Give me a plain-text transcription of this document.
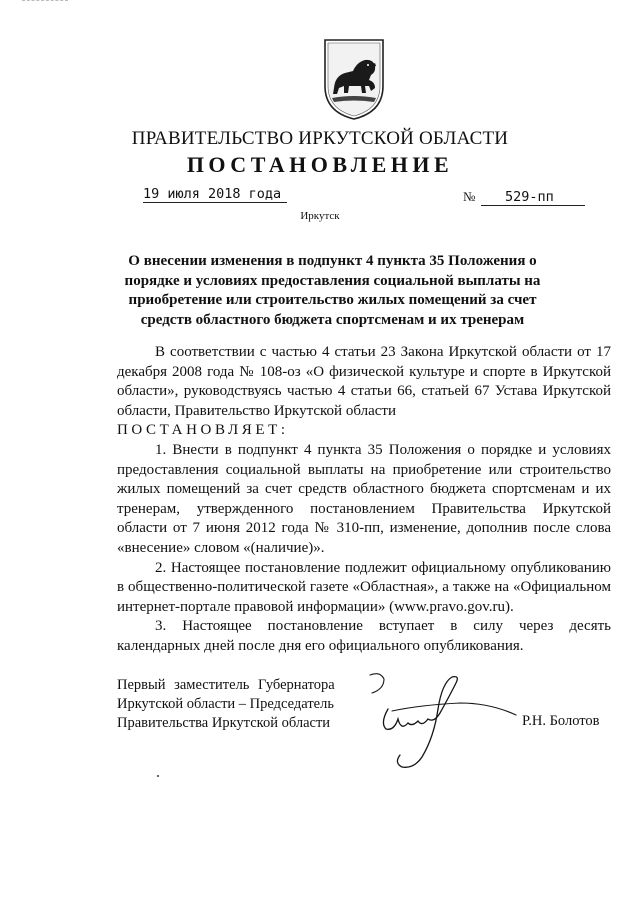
ПРАВИТЕЛЬСТВО ИРКУТСКОЙ ОБЛАСТИ
ПОСТАНОВЛЕНИЕ
19 июля 2018 года	№ 529-пп
Иркутск
О внесении изменения в подпункт 4 пункта 35 Положения о порядке и условиях предоставления социальной выплаты на приобретение или строительство жилых помещений за счет средств областного бюджета спортсменам и их тренерам

В соответствии с частью 4 статьи 23 Закона Иркутской области от 17 декабря 2008 года № 108-оз «О физической культуре и спорте в Иркутской области», руководствуясь частью 4 статьи 66, статьей 67 Устава Иркутской области, Правительство Иркутской области

ПОСТАНОВЛЯЕТ:

1. Внести в подпункт 4 пункта 35 Положения о порядке и условиях предоставления социальной выплаты на приобретение или строительство жилых помещений за счет средств областного бюджета спортсменам и их тренерам, утвержденного постановлением Правительства Иркутской области от 7 июня 2012 года № 310-пп, изменение, дополнив после слова «внесение» словом «(наличие)».

2. Настоящее постановление подлежит официальному опубликованию в общественно-политической газете «Областная», а также на «Официальном интернет-портале правовой информации» (www.pravo.gov.ru).

3. Настоящее постановление вступает в силу через десять календарных дней после дня его официального опубликования.

Первый заместитель Губернатора
Иркутской области – Председатель
Правительства Иркутской области	Р.Н. Болотов
